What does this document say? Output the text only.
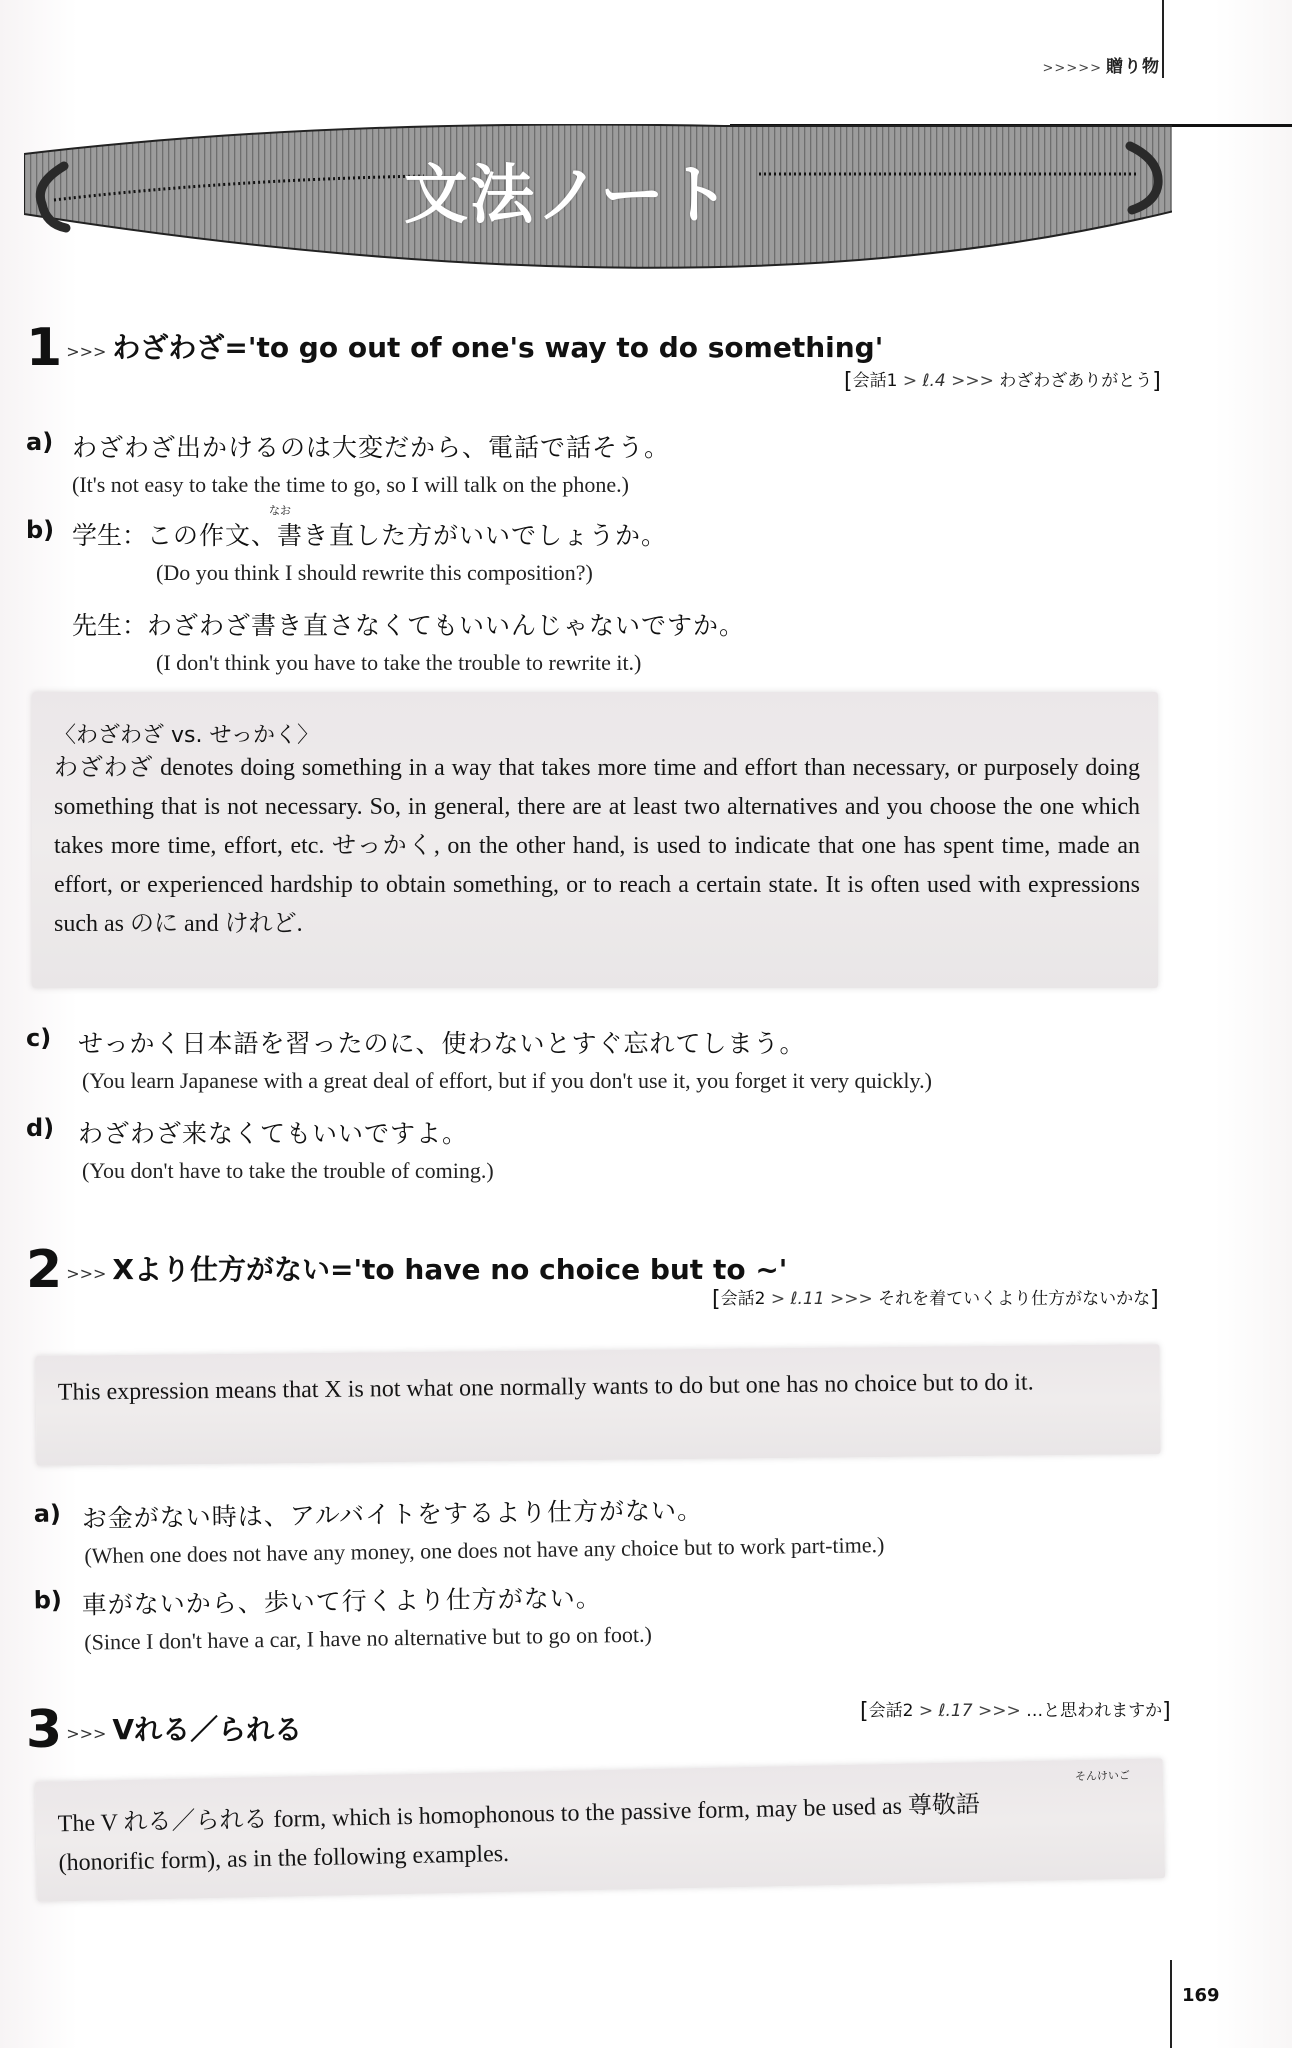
>>>>> 贈り物
文法ノート
1 >>> わざわざ='to go out of one's way to do something'
[会話1 > ℓ.4 >>> わざわざありがとう]
a) わざわざ出かけるのは大変だから、電話で話そう。
(It's not easy to take the time to go, so I will talk on the phone.)
b)
なお
学生：この作文、書き直した方がいいでしょうか。
(Do you think I should rewrite this composition?)
先生：わざわざ書き直さなくてもいいんじゃないですか。
(I don't think you have to take the trouble to rewrite it.)
〈わざわざ vs. せっかく〉
わざわざ denotes doing something in a way that takes more time and effort than necessary, or purposely doing something that is not necessary. So, in general, there are at least two alternatives and you choose the one which takes more time, effort, etc. せっかく, on the other hand, is used to indicate that one has spent time, made an effort, or experienced hardship to obtain something, or to reach a certain state. It is often used with expressions such as のに and けれど.
c) せっかく日本語を習ったのに、使わないとすぐ忘れてしまう。
(You learn Japanese with a great deal of effort, but if you don't use it, you forget it very quickly.)
d) わざわざ来なくてもいいですよ。
(You don't have to take the trouble of coming.)
2 >>> Xより仕方がない='to have no choice but to ~'
[会話2 > ℓ.11 >>> それを着ていくより仕方がないかな]
This expression means that X is not what one normally wants to do but one has no choice but to do it.
a) お金がない時は、アルバイトをするより仕方がない。
(When one does not have any money, one does not have any choice but to work part-time.)
b) 車がないから、歩いて行くより仕方がない。
(Since I don't have a car, I have no alternative but to go on foot.)
3 >>> Vれる／られる
[会話2 > ℓ.17 >>> …と思われますか]
そんけいご
The V れる／られる form, which is homophonous to the passive form, may be used as 尊敬語
(honorific form), as in the following examples.
169
